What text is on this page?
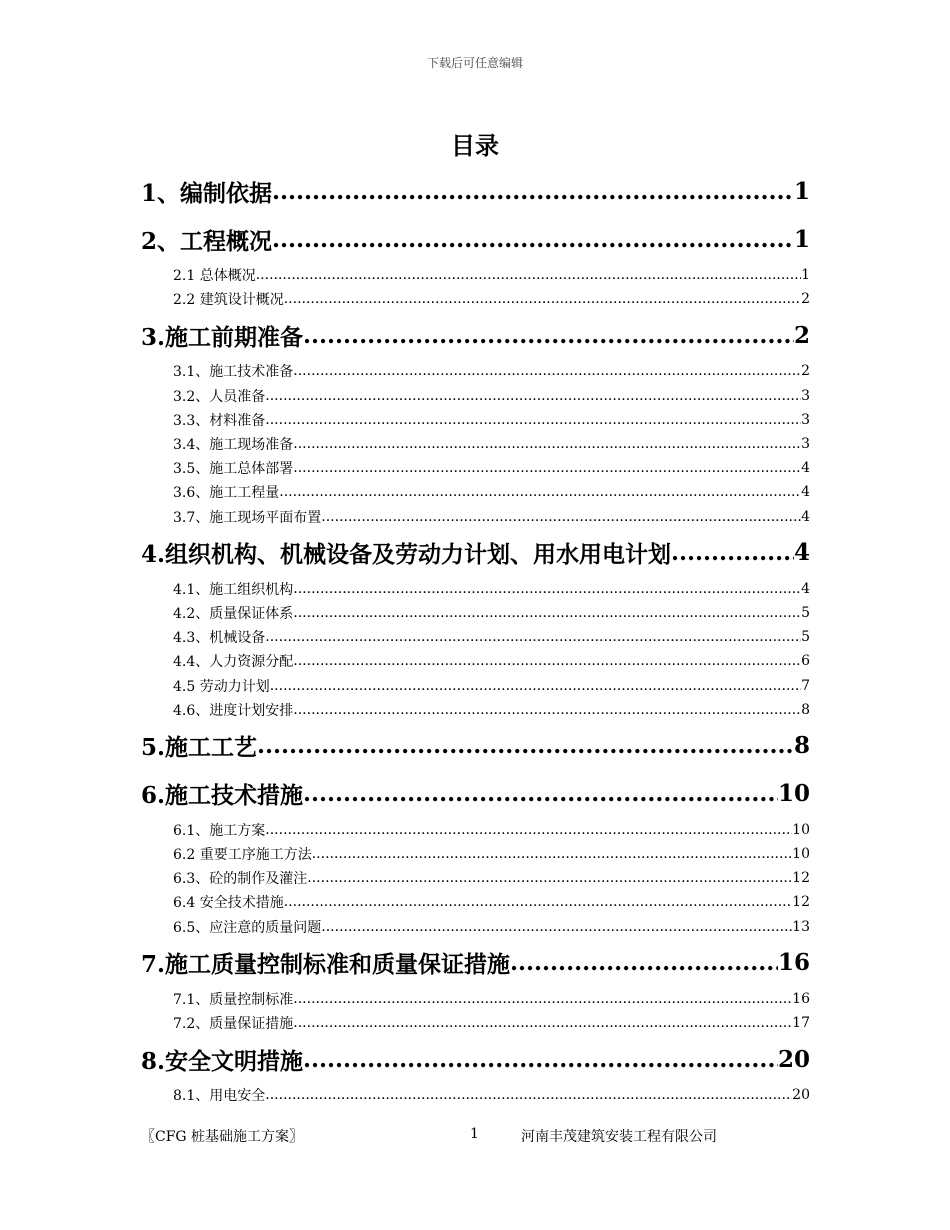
下载后可任意编辑
目录
1、编制依据 .....	1
2、工程概况 .....	1
2.1 总体概况 .....	1
2.2 建筑设计概况 .....	2
3.施工前期准备 .....	2
3.1、施工技术准备 .....	2
3.2、人员准备 .....	3
3.3、材料准备 .....	3
3.4、施工现场准备 .....	3
3.5、施工总体部署 .....	4
3.6、施工工程量 .....	4
3.7、施工现场平面布置 .....	4
4.组织机构、机械设备及劳动力计划、用水用电计划 .....	4
4.1、施工组织机构 .....	4
4.2、质量保证体系 .....	5
4.3、机械设备 .....	5
4.4、人力资源分配 .....	6
4.5 劳动力计划 .....	7
4.6、进度计划安排 .....	8
5.施工工艺 .....	8
6.施工技术措施 .....	10
6.1、施工方案 .....	10
6.2 重要工序施工方法 .....	10
6.3、砼的制作及灌注 .....	12
6.4 安全技术措施 .....	12
6.5、应注意的质量问题 .....	13
7.施工质量控制标准和质量保证措施 .....	16
7.1、质量控制标准 .....	16
7.2、质量保证措施 .....	17
8.安全文明措施 .....	20
8.1、用电安全 .....	20
〖CFG 桩基础施工方案〗	1	河南丰茂建筑安装工程有限公司
